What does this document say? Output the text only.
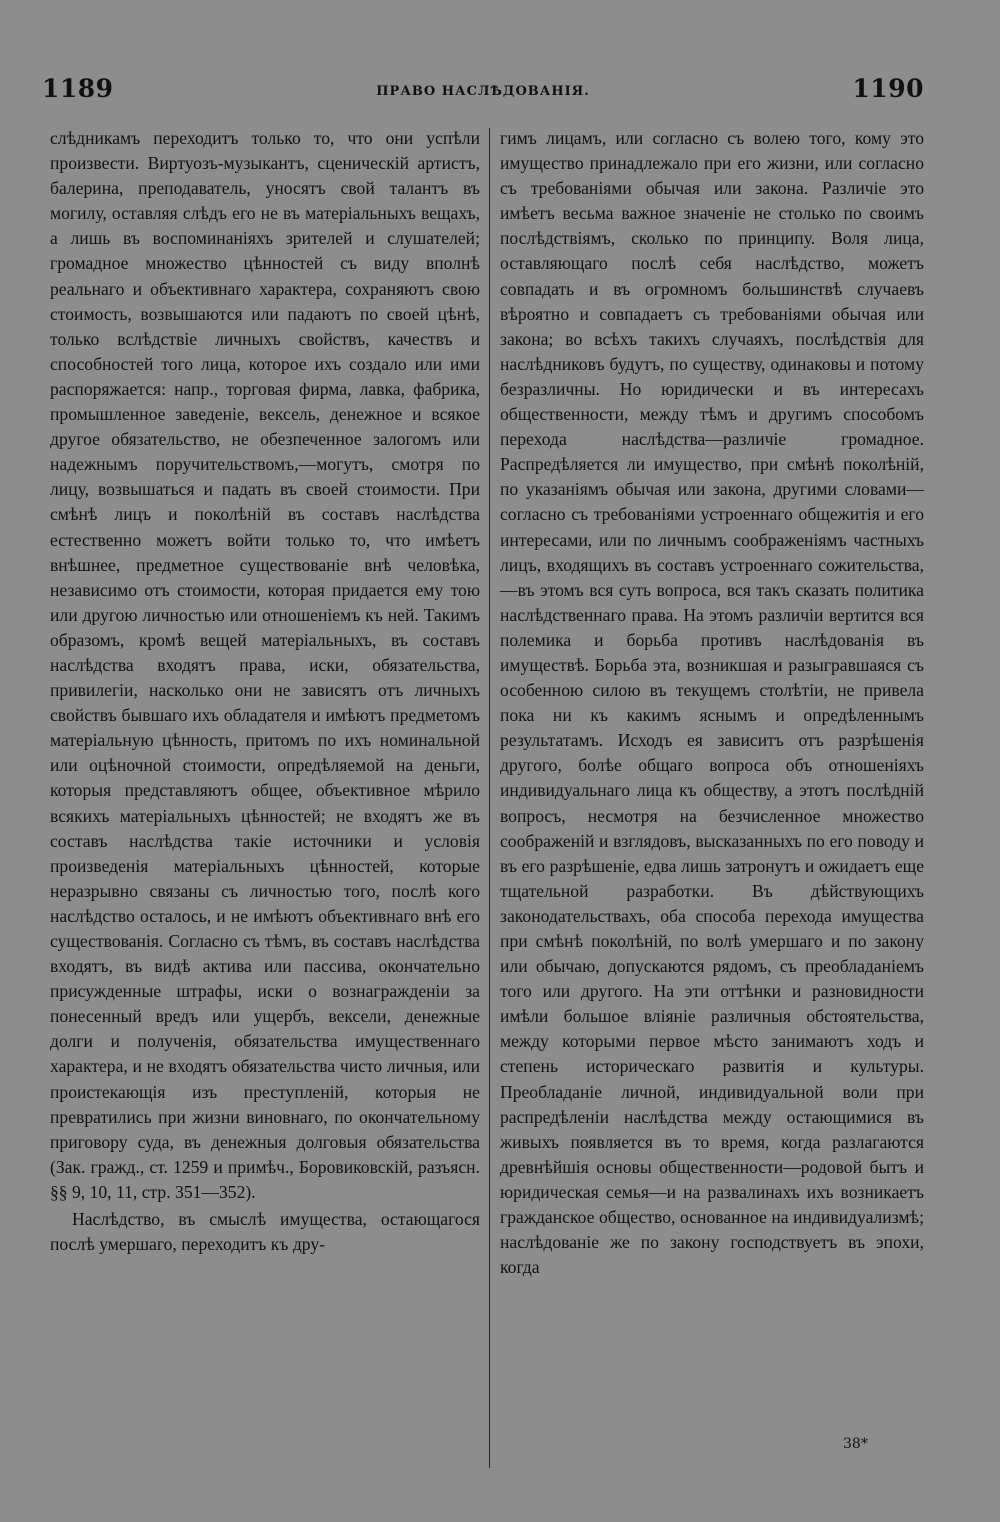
1189	ПРАВО НАСЛѢДОВАНІЯ.	1190

слѣдникамъ переходитъ только то, что они успѣли произвести. Виртуозъ-музыкантъ, сценическій артистъ, балерина, преподаватель, уносятъ свой талантъ въ могилу, оставляя слѣдъ его не въ матеріальныхъ вещахъ, а лишь въ воспоминаніяхъ зрителей и слушателей; громадное множество цѣнностей съ виду вполнѣ реальнаго и объективнаго характера, сохраняютъ свою стоимость, возвышаются или падаютъ по своей цѣнѣ, только вслѣдствіе личныхъ свойствъ, качествъ и способностей того лица, которое ихъ создало или ими распоряжается: напр., торговая фирма, лавка, фабрика, промышленное заведеніе, вексель, денежное и всякое другое обязательство, не обезпеченное залогомъ или надежнымъ поручительствомъ,—могутъ, смотря по лицу, возвышаться и падать въ своей стоимости. При смѣнѣ лицъ и поколѣній въ составъ наслѣдства естественно можетъ войти только то, что имѣетъ внѣшнее, предметное существованіе внѣ человѣка, независимо отъ стоимости, которая придается ему тою или другою личностью или отношеніемъ къ ней. Такимъ образомъ, кромѣ вещей матеріальныхъ, въ составъ наслѣдства входятъ права, иски, обязательства, привилегіи, насколько они не зависятъ отъ личныхъ свойствъ бывшаго ихъ обладателя и имѣютъ предметомъ матеріальную цѣнность, притомъ по ихъ номинальной или оцѣночной стоимости, опредѣляемой на деньги, которыя представляютъ общее, объективное мѣрило всякихъ матеріальныхъ цѣнностей; не входятъ же въ составъ наслѣдства такіе источники и условія произведенія матеріальныхъ цѣнностей, которые неразрывно связаны съ личностью того, послѣ кого наслѣдство осталось, и не имѣютъ объективнаго внѣ его существованія. Согласно съ тѣмъ, въ составъ наслѣдства входятъ, въ видѣ актива или пассива, окончательно присужденные штрафы, иски о вознагражденіи за понесенный вредъ или ущербъ, вексели, денежные долги и полученія, обязательства имущественнаго характера, и не входятъ обязательства чисто личныя, или проистекающія изъ преступленій, которыя не превратились при жизни виновнаго, по окончательному приговору суда, въ денежныя долговыя обязательства (Зак. гражд., ст. 1259 и примѣч., Боровиковскій, разъясн. §§ 9, 10, 11, стр. 351—352).

Наслѣдство, въ смыслѣ имущества, остающагося послѣ умершаго, переходитъ къ дру-

гимъ лицамъ, или согласно съ волею того, кому это имущество принадлежало при его жизни, или согласно съ требованіями обычая или закона. Различіе это имѣетъ весьма важное значеніе не столько по своимъ послѣдствіямъ, сколько по принципу. Воля лица, оставляющаго послѣ себя наслѣдство, можетъ совпадать и въ огромномъ большинствѣ случаевъ вѣроятно и совпадаетъ съ требованіями обычая или закона; во всѣхъ такихъ случаяхъ, послѣдствія для наслѣдниковъ будутъ, по существу, одинаковы и потому безразличны. Но юридически и въ интересахъ общественности, между тѣмъ и другимъ способомъ перехода наслѣдства—различіе громадное. Распредѣляется ли имущество, при смѣнѣ поколѣній, по указаніямъ обычая или закона, другими словами—согласно съ требованіями устроеннаго общежитія и его интересами, или по личнымъ соображеніямъ частныхъ лицъ, входящихъ въ составъ устроеннаго сожительства,—въ этомъ вся суть вопроса, вся такъ сказать политика наслѣдственнаго права. На этомъ различіи вертится вся полемика и борьба противъ наслѣдованія въ имуществѣ. Борьба эта, возникшая и разыгравшаяся съ особенною силою въ текущемъ столѣтіи, не привела пока ни къ какимъ яснымъ и опредѣленнымъ результатамъ. Исходъ ея зависитъ отъ разрѣшенія другого, болѣе общаго вопроса объ отношеніяхъ индивидуальнаго лица къ обществу, а этотъ послѣдній вопросъ, несмотря на безчисленное множество соображеній и взглядовъ, высказанныхъ по его поводу и въ его разрѣшеніе, едва лишь затронутъ и ожидаетъ еще тщательной разработки. Въ дѣйствующихъ законодательствахъ, оба способа перехода имущества при смѣнѣ поколѣній, по волѣ умершаго и по закону или обычаю, допускаются рядомъ, съ преобладаніемъ того или другого. На эти оттѣнки и разновидности имѣли большое вліяніе различныя обстоятельства, между которыми первое мѣсто занимаютъ ходъ и степень историческаго развитія и культуры. Преобладаніе личной, индивидуальной воли при распредѣленіи наслѣдства между остающимися въ живыхъ появляется въ то время, когда разлагаются древнѣйшія основы общественности—родовой бытъ и юридическая семья—и на развалинахъ ихъ возникаетъ гражданское общество, основанное на индивидуализмѣ; наслѣдованіе же по закону господствуетъ въ эпохи, когда

38*
